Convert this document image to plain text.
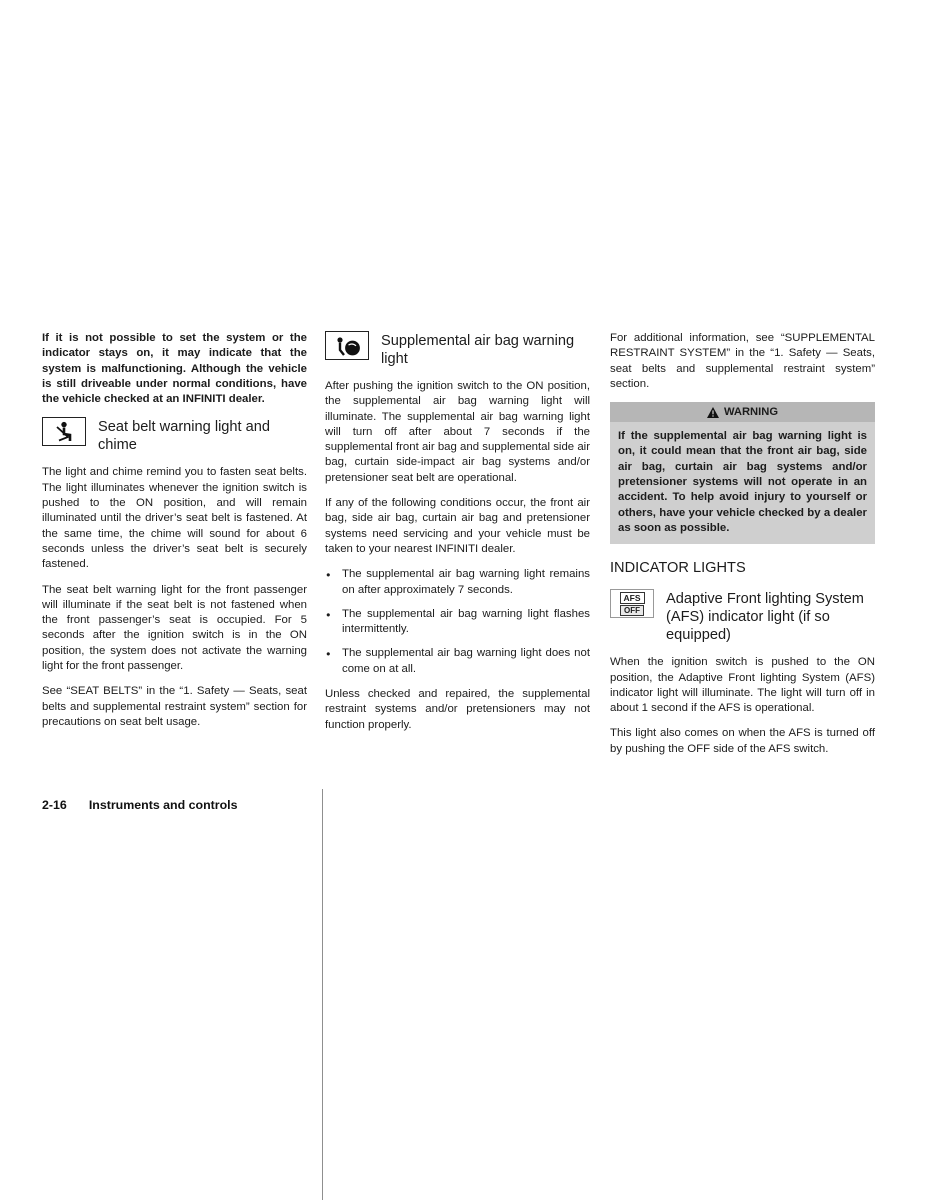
If it is not possible to set the system or the indicator stays on, it may indicate that the system is malfunctioning. Although the vehicle is still driveable under normal conditions, have the vehicle checked at an INFINITI dealer.

Seat belt warning light and chime

The light and chime remind you to fasten seat belts. The light illuminates whenever the ignition switch is pushed to the ON position, and will remain illuminated until the driver’s seat belt is fastened. At the same time, the chime will sound for about 6 seconds unless the driver’s seat belt is securely fastened.

The seat belt warning light for the front passenger will illuminate if the seat belt is not fastened when the front passenger’s seat is occupied. For 5 seconds after the ignition switch is in the ON position, the system does not activate the warning light for the front passenger.

See “SEAT BELTS” in the “1. Safety — Seats, seat belts and supplemental restraint system” section for precautions on seat belt usage.

Supplemental air bag warning light

After pushing the ignition switch to the ON position, the supplemental air bag warning light will illuminate. The supplemental air bag warning light will turn off after about 7 seconds if the supplemental front air bag and supplemental side air bag, curtain side-impact air bag systems and/or pretensioner seat belt are operational.

If any of the following conditions occur, the front air bag, side air bag, curtain air bag and pretensioner systems need servicing and your vehicle must be taken to your nearest INFINITI dealer.

● The supplemental air bag warning light remains on after approximately 7 seconds.
● The supplemental air bag warning light flashes intermittently.
● The supplemental air bag warning light does not come on at all.

Unless checked and repaired, the supplemental restraint systems and/or pretensioners may not function properly.

For additional information, see “SUPPLEMENTAL RESTRAINT SYSTEM” in the “1. Safety — Seats, seat belts and supplemental restraint system” section.

WARNING
If the supplemental air bag warning light is on, it could mean that the front air bag, side air bag, curtain air bag systems and/or pretensioner systems will not operate in an accident. To help avoid injury to yourself or others, have your vehicle checked by a dealer as soon as possible.
INDICATOR LIGHTS
AFS
OFF
Adaptive Front lighting System (AFS) indicator light (if so equipped)

When the ignition switch is pushed to the ON position, the Adaptive Front lighting System (AFS) indicator light will illuminate. The light will turn off in about 1 second if the AFS is operational.

This light also comes on when the AFS is turned off by pushing the OFF side of the AFS switch.

2-16 Instruments and controls
